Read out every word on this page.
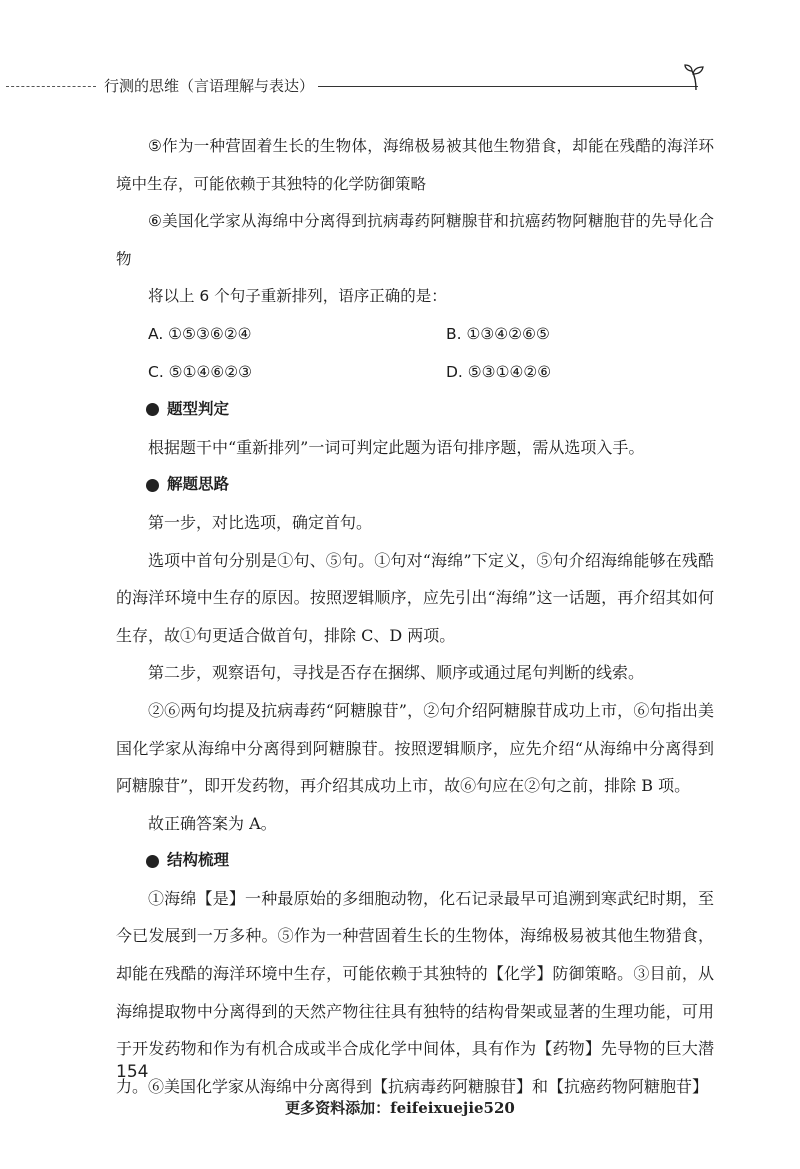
行测的思维（言语理解与表达）

⑤作为一种营固着生长的生物体，海绵极易被其他生物猎食，却能在残酷的海洋环境中生存，可能依赖于其独特的化学防御策略

⑥美国化学家从海绵中分离得到抗病毒药阿糖腺苷和抗癌药物阿糖胞苷的先导化合物

将以上 6 个句子重新排列，语序正确的是：

A. ①⑤③⑥②④	B. ①③④②⑥⑤
C. ⑤①④⑥②③	D. ⑤③①④②⑥
题型判定

根据题干中“重新排列”一词可判定此题为语句排序题，需从选项入手。

解题思路

第一步，对比选项，确定首句。

选项中首句分别是①句、⑤句。①句对“海绵”下定义，⑤句介绍海绵能够在残酷的海洋环境中生存的原因。按照逻辑顺序，应先引出“海绵”这一话题，再介绍其如何生存，故①句更适合做首句，排除 C、D 两项。

第二步，观察语句，寻找是否存在捆绑、顺序或通过尾句判断的线索。

②⑥两句均提及抗病毒药“阿糖腺苷”，②句介绍阿糖腺苷成功上市，⑥句指出美国化学家从海绵中分离得到阿糖腺苷。按照逻辑顺序，应先介绍“从海绵中分离得到阿糖腺苷”，即开发药物，再介绍其成功上市，故⑥句应在②句之前，排除 B 项。

故正确答案为 A。

结构梳理

①海绵【是】一种最原始的多细胞动物，化石记录最早可追溯到寒武纪时期，至今已发展到一万多种。⑤作为一种营固着生长的生物体，海绵极易被其他生物猎食，却能在残酷的海洋环境中生存，可能依赖于其独特的【化学】防御策略。③目前，从海绵提取物中分离得到的天然产物往往具有独特的结构骨架或显著的生理功能，可用于开发药物和作为有机合成或半合成化学中间体，具有作为【药物】先导物的巨大潜力。⑥美国化学家从海绵中分离得到【抗病毒药阿糖腺苷】和【抗癌药物阿糖胞苷】

154
更多资料添加：feifeixuejie520
